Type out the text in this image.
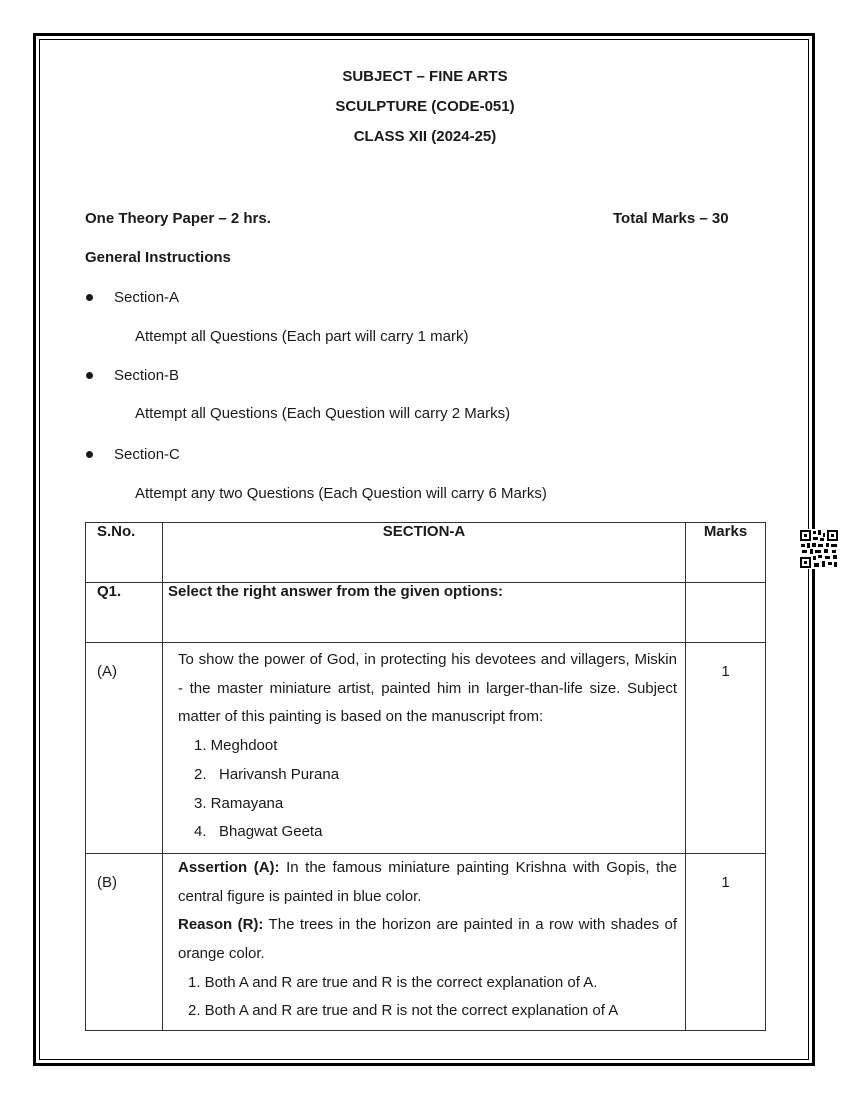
SUBJECT – FINE ARTS
SCULPTURE (CODE-051)
CLASS XII (2024-25)
One Theory Paper – 2 hrs.	Total Marks – 30
General Instructions
Section-A
Attempt all Questions (Each part will carry 1 mark)
Section-B
Attempt all Questions (Each Question will carry 2 Marks)
Section-C
Attempt any two Questions (Each Question will carry 6 Marks)
S.No.	SECTION-A	Marks
Q1.	Select the right answer from the given options:	
(A)	To show the power of God, in protecting his devotees and villagers, Miskin - the master miniature artist, painted him in larger-than-life size. Subject matter of this painting is based on the manuscript from:
1. Meghdoot
2.   Harivansh Purana
3. Ramayana
4.   Bhagwat Geeta	1
(B)	Assertion (A): In the famous miniature painting Krishna with Gopis, the central figure is painted in blue color.
Reason (R): The trees in the horizon are painted in a row with shades of orange color.
1. Both A and R are true and R is the correct explanation of A.
2. Both A and R are true and R is not the correct explanation of A	1
